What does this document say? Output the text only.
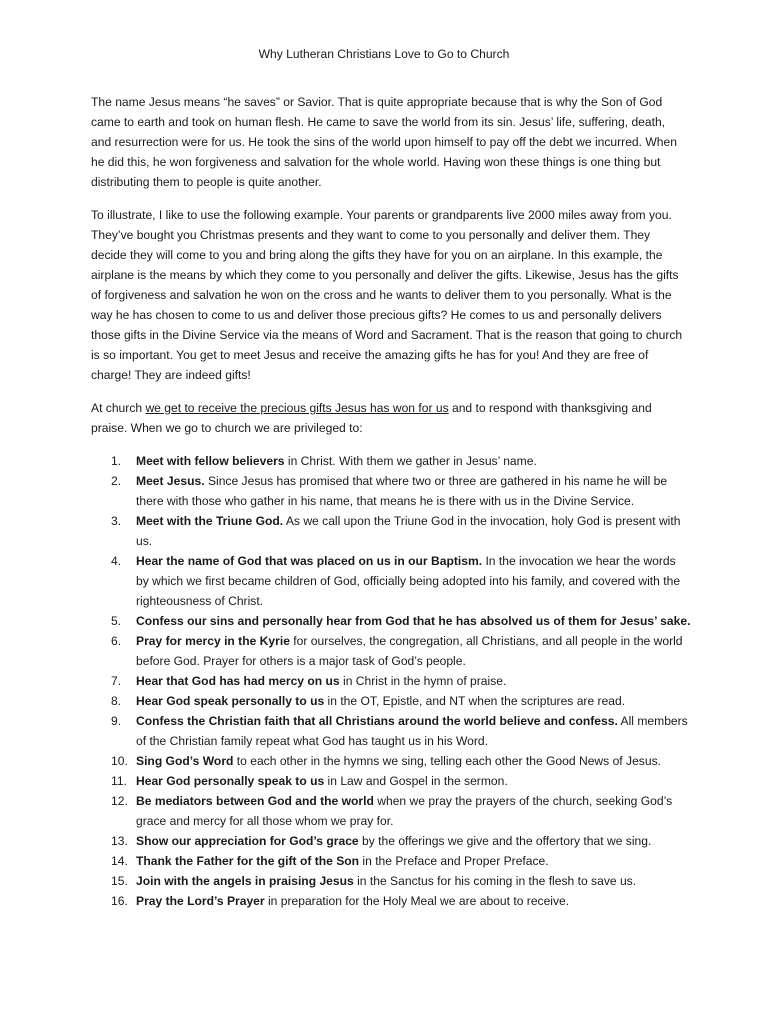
Why Lutheran Christians Love to Go to Church

The name Jesus means “he saves” or Savior. That is quite appropriate because that is why the Son of God came to earth and took on human flesh. He came to save the world from its sin. Jesus’ life, suffering, death, and resurrection were for us. He took the sins of the world upon himself to pay off the debt we incurred. When he did this, he won forgiveness and salvation for the whole world. Having won these things is one thing but distributing them to people is quite another.

To illustrate, I like to use the following example. Your parents or grandparents live 2000 miles away from you. They’ve bought you Christmas presents and they want to come to you personally and deliver them. They decide they will come to you and bring along the gifts they have for you on an airplane. In this example, the airplane is the means by which they come to you personally and deliver the gifts. Likewise, Jesus has the gifts of forgiveness and salvation he won on the cross and he wants to deliver them to you personally. What is the way he has chosen to come to us and deliver those precious gifts? He comes to us and personally delivers those gifts in the Divine Service via the means of Word and Sacrament. That is the reason that going to church is so important. You get to meet Jesus and receive the amazing gifts he has for you! And they are free of charge! They are indeed gifts!

At church we get to receive the precious gifts Jesus has won for us and to respond with thanksgiving and praise. When we go to church we are privileged to:

1. Meet with fellow believers in Christ. With them we gather in Jesus’ name.
2. Meet Jesus. Since Jesus has promised that where two or three are gathered in his name he will be there with those who gather in his name, that means he is there with us in the Divine Service.
3. Meet with the Triune God. As we call upon the Triune God in the invocation, holy God is present with us.
4. Hear the name of God that was placed on us in our Baptism. In the invocation we hear the words by which we first became children of God, officially being adopted into his family, and covered with the righteousness of Christ.
5. Confess our sins and personally hear from God that he has absolved us of them for Jesus’ sake.
6. Pray for mercy in the Kyrie for ourselves, the congregation, all Christians, and all people in the world before God. Prayer for others is a major task of God’s people.
7. Hear that God has had mercy on us in Christ in the hymn of praise.
8. Hear God speak personally to us in the OT, Epistle, and NT when the scriptures are read.
9. Confess the Christian faith that all Christians around the world believe and confess. All members of the Christian family repeat what God has taught us in his Word.
10. Sing God’s Word to each other in the hymns we sing, telling each other the Good News of Jesus.
11. Hear God personally speak to us in Law and Gospel in the sermon.
12. Be mediators between God and the world when we pray the prayers of the church, seeking God’s grace and mercy for all those whom we pray for.
13. Show our appreciation for God’s grace by the offerings we give and the offertory that we sing.
14. Thank the Father for the gift of the Son in the Preface and Proper Preface.
15. Join with the angels in praising Jesus in the Sanctus for his coming in the flesh to save us.
16. Pray the Lord’s Prayer in preparation for the Holy Meal we are about to receive.
